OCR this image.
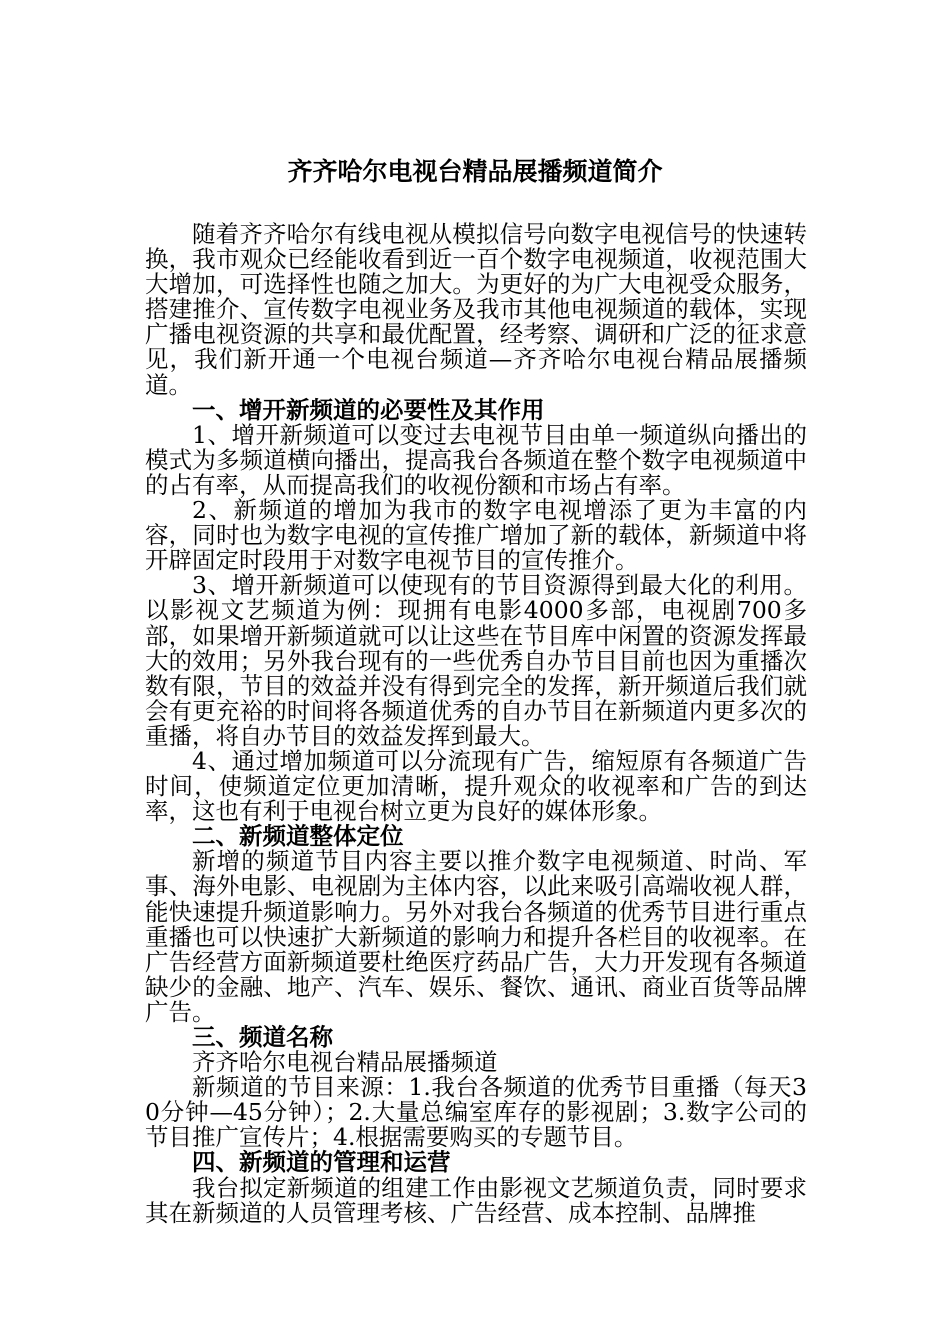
齐齐哈尔电视台精品展播频道简介

随着齐齐哈尔有线电视从模拟信号向数字电视信号的快速转换，我市观众已经能收看到近一百个数字电视频道，收视范围大大增加，可选择性也随之加大。为更好的为广大电视受众服务，搭建推介、宣传数字电视业务及我市其他电视频道的载体，实现广播电视资源的共享和最优配置，经考察、调研和广泛的征求意见，我们新开通一个电视台频道—齐齐哈尔电视台精品展播频道。

一、增开新频道的必要性及其作用

1、增开新频道可以变过去电视节目由单一频道纵向播出的模式为多频道横向播出，提高我台各频道在整个数字电视频道中的占有率，从而提高我们的收视份额和市场占有率。

2、新频道的增加为我市的数字电视增添了更为丰富的内容，同时也为数字电视的宣传推广增加了新的载体，新频道中将开辟固定时段用于对数字电视节目的宣传推介。

3、增开新频道可以使现有的节目资源得到最大化的利用。以影视文艺频道为例：现拥有电影4000多部，电视剧700多部，如果增开新频道就可以让这些在节目库中闲置的资源发挥最大的效用；另外我台现有的一些优秀自办节目目前也因为重播次数有限，节目的效益并没有得到完全的发挥，新开频道后我们就会有更充裕的时间将各频道优秀的自办节目在新频道内更多次的重播，将自办节目的效益发挥到最大。

4、通过增加频道可以分流现有广告，缩短原有各频道广告时间，使频道定位更加清晰，提升观众的收视率和广告的到达率，这也有利于电视台树立更为良好的媒体形象。

二、新频道整体定位

新增的频道节目内容主要以推介数字电视频道、时尚、军事、海外电影、电视剧为主体内容，以此来吸引高端收视人群，能快速提升频道影响力。另外对我台各频道的优秀节目进行重点重播也可以快速扩大新频道的影响力和提升各栏目的收视率。在广告经营方面新频道要杜绝医疗药品广告，大力开发现有各频道缺少的金融、地产、汽车、娱乐、餐饮、通讯、商业百货等品牌广告。

三、频道名称

齐齐哈尔电视台精品展播频道

新频道的节目来源：1.我台各频道的优秀节目重播（每天30分钟—45分钟）；2.大量总编室库存的影视剧；3.数字公司的节目推广宣传片；4.根据需要购买的专题节目。

四、新频道的管理和运营

我台拟定新频道的组建工作由影视文艺频道负责，同时要求其在新频道的人员管理考核、广告经营、成本控制、品牌推
